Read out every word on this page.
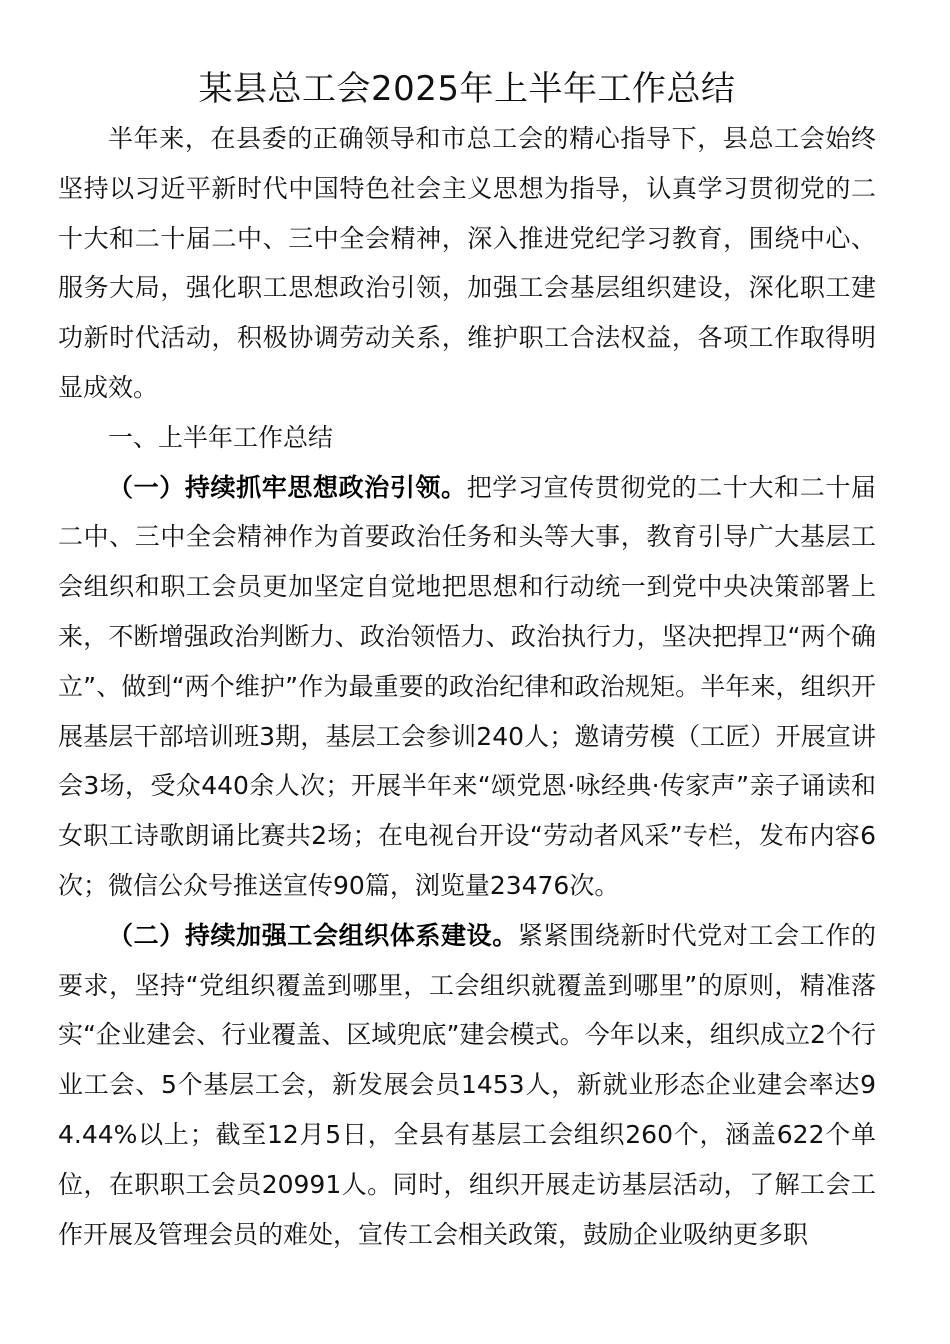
某县总工会2025年上半年工作总结

半年来，在县委的正确领导和市总工会的精心指导下，县总工会始终坚持以习近平新时代中国特色社会主义思想为指导，认真学习贯彻党的二十大和二十届二中、三中全会精神，深入推进党纪学习教育，围绕中心、服务大局，强化职工思想政治引领，加强工会基层组织建设，深化职工建功新时代活动，积极协调劳动关系，维护职工合法权益，各项工作取得明显成效。

一、上半年工作总结

（一）持续抓牢思想政治引领。把学习宣传贯彻党的二十大和二十届二中、三中全会精神作为首要政治任务和头等大事，教育引导广大基层工会组织和职工会员更加坚定自觉地把思想和行动统一到党中央决策部署上来，不断增强政治判断力、政治领悟力、政治执行力，坚决把捍卫“两个确立”、做到“两个维护”作为最重要的政治纪律和政治规矩。半年来，组织开展基层干部培训班3期，基层工会参训240人；邀请劳模（工匠）开展宣讲会3场，受众440余人次；开展半年来“颂党恩·咏经典·传家声”亲子诵读和女职工诗歌朗诵比赛共2场；在电视台开设“劳动者风采”专栏，发布内容6次；微信公众号推送宣传90篇，浏览量23476次。

（二）持续加强工会组织体系建设。紧紧围绕新时代党对工会工作的要求，坚持“党组织覆盖到哪里，工会组织就覆盖到哪里”的原则，精准落实“企业建会、行业覆盖、区域兜底”建会模式。今年以来，组织成立2个行业工会、5个基层工会，新发展会员1453人，新就业形态企业建会率达94.44%以上；截至12月5日，全县有基层工会组织260个，涵盖622个单位，在职职工会员20991人。同时，组织开展走访基层活动，了解工会工作开展及管理会员的难处，宣传工会相关政策，鼓励企业吸纳更多职
